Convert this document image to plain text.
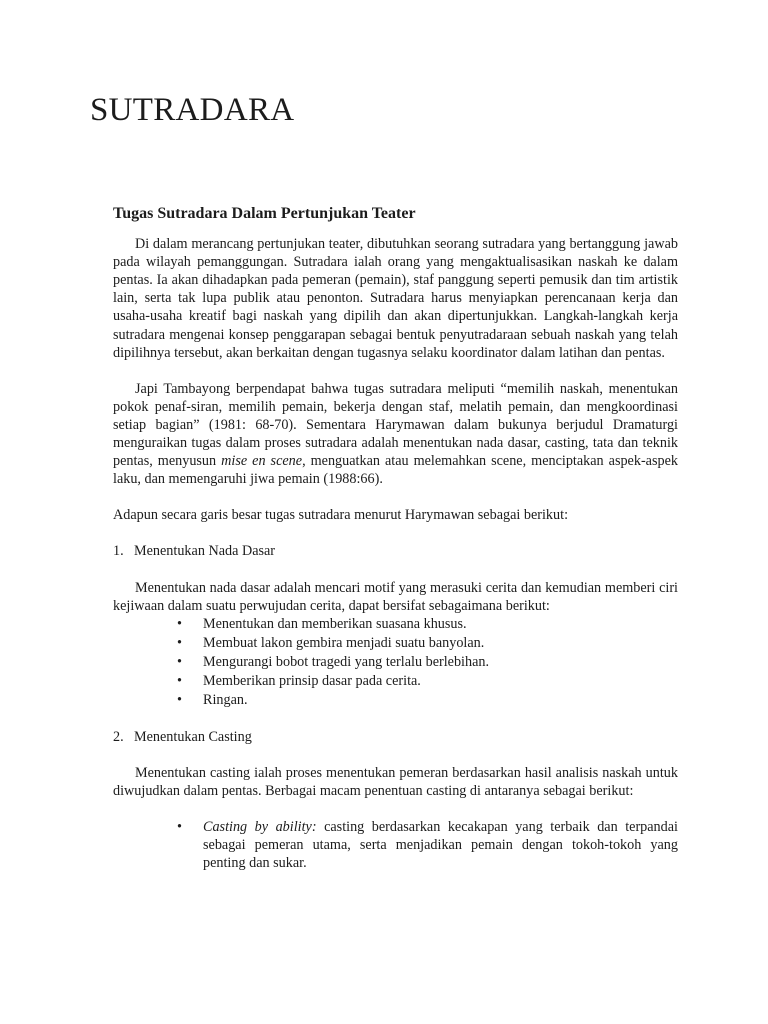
SUTRADARA
Tugas Sutradara Dalam Pertunjukan Teater

Di dalam merancang pertunjukan teater, dibutuhkan seorang sutradara yang bertanggung jawab pada wilayah pemanggungan. Sutradara ialah orang yang mengaktualisasikan naskah ke dalam pentas. Ia akan dihadapkan pada pemeran (pemain), staf panggung seperti pemusik dan tim artistik lain, serta tak lupa publik atau penonton. Sutradara harus menyiapkan perencanaan kerja dan usaha-usaha kreatif bagi naskah yang dipilih dan akan dipertunjukkan. Langkah-langkah kerja sutradara mengenai konsep penggarapan sebagai bentuk penyutradaraan sebuah naskah yang telah dipilihnya tersebut, akan berkaitan dengan tugasnya selaku koordinator dalam latihan dan pentas.

Japi Tambayong berpendapat bahwa tugas sutradara meliputi “memilih naskah, menentukan pokok penaf-siran, memilih pemain, bekerja dengan staf, melatih pemain, dan mengkoordinasi setiap bagian” (1981: 68-70). Sementara Harymawan dalam bukunya berjudul Dramaturgi menguraikan tugas dalam proses sutradara adalah menentukan nada dasar, casting, tata dan teknik pentas, menyusun mise en scene, menguatkan atau melemahkan scene, menciptakan aspek-aspek laku, dan memengaruhi jiwa pemain (1988:66).

Adapun secara garis besar tugas sutradara menurut Harymawan sebagai berikut:

1. Menentukan Nada Dasar

Menentukan nada dasar adalah mencari motif yang merasuki cerita dan kemudian memberi ciri kejiwaan dalam suatu perwujudan cerita, dapat bersifat sebagaimana berikut:

•	Menentukan dan memberikan suasana khusus.
•	Membuat lakon gembira menjadi suatu banyolan.
•	Mengurangi bobot tragedi yang terlalu berlebihan.
•	Memberikan prinsip dasar pada cerita.
•	Ringan.
2. Menentukan Casting

Menentukan casting ialah proses menentukan pemeran berdasarkan hasil analisis naskah untuk diwujudkan dalam pentas. Berbagai macam penentuan casting di antaranya sebagai berikut:

•	Casting by ability: casting berdasarkan kecakapan yang terbaik dan terpandai sebagai pemeran utama, serta menjadikan pemain dengan tokoh-tokoh yang penting dan sukar.
